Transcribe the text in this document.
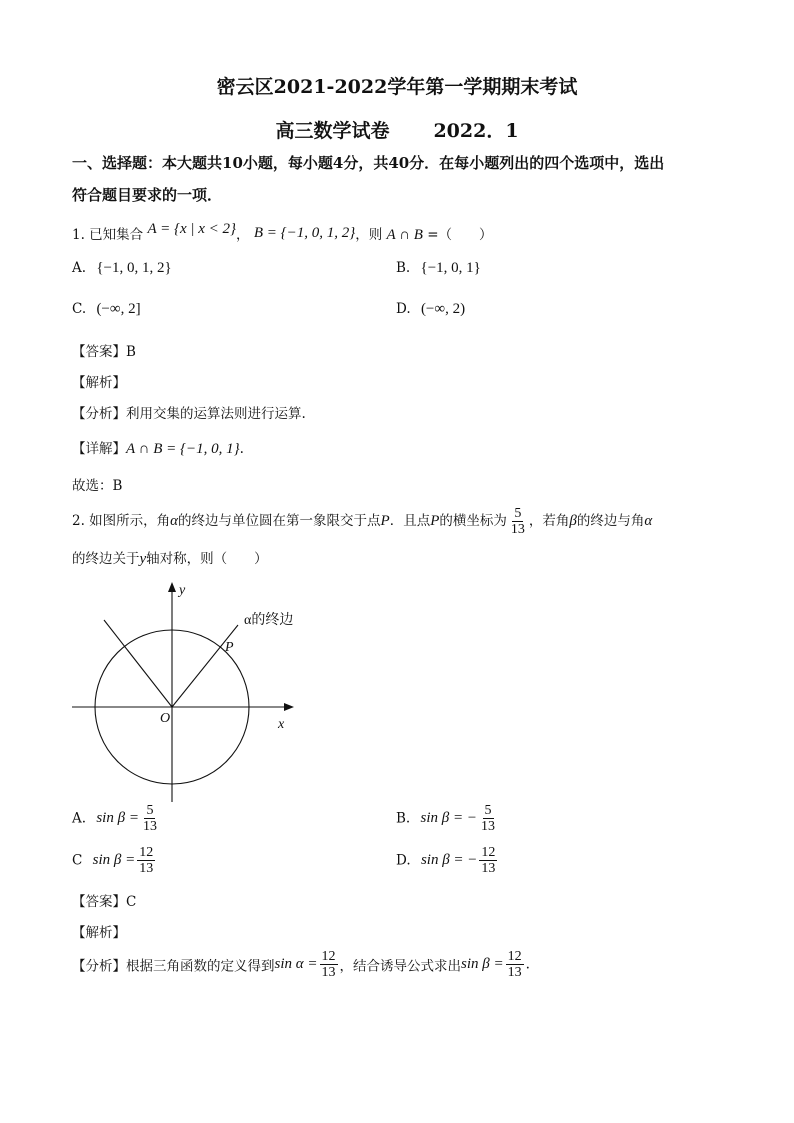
密云区2021-2022学年第一学期期末考试
高三数学试卷 2022．1
一、选择题：本大题共10小题，每小题4分，共40分．在每小题列出的四个选项中，选出
符合题目要求的一项．
1. 已知集合 A = {x | x < 2}， B = {−1, 0, 1, 2}，则 A ∩ B =（　　）
A. {−1, 0, 1, 2}	B. {−1, 0, 1}
C. (−∞, 2]	D. (−∞, 2)
【答案】B
【解析】
【分析】利用交集的运算法则进行运算.
【详解】A ∩ B = {−1, 0, 1}.
故选：B
2. 如图所示，角α的终边与单位圆在第一象限交于点P．且点P的横坐标为 $\frac{5}{13}$ ，若角β的终边与角α
的终边关于y轴对称，则（　　）
y
x
O
P
α的终边
A. $\sin \beta = \frac{5}{13}$	B. sin β = − $\frac{5}{13}$
C $\sin \beta = \frac{12}{13}$	D. sin β = − $\frac{12}{13}$
【答案】C
【解析】
【分析】根据三角函数的定义得到$\sin \alpha = \frac{12}{13}$ ，结合诱导公式求出$\sin \beta = \frac{12}{13}$ .
